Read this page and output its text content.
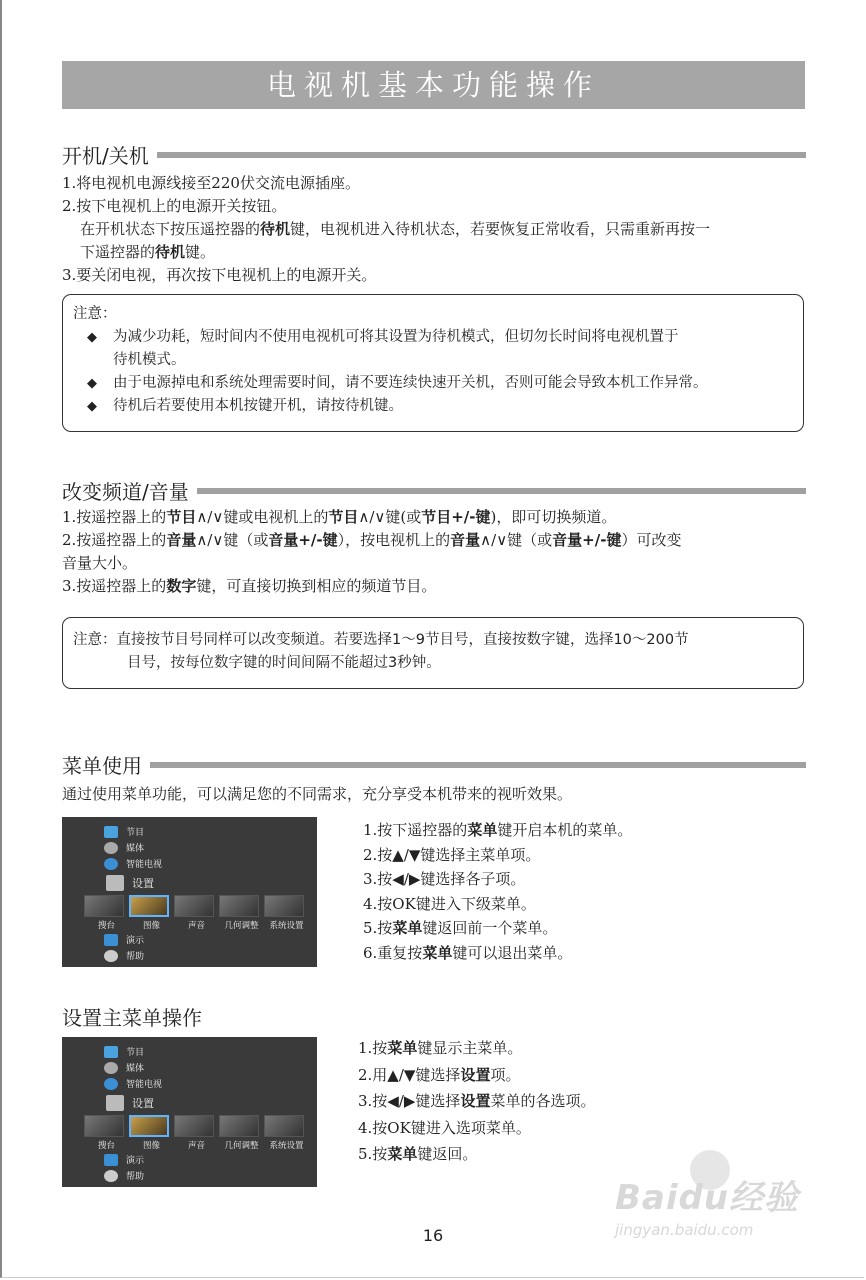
电视机基本功能操作
开机/关机
1.将电视机电源线接至220伏交流电源插座。
2.按下电视机上的电源开关按钮。
在开机状态下按压遥控器的待机键，电视机进入待机状态，若要恢复正常收看，只需重新再按一
下遥控器的待机键。
3.要关闭电视，再次按下电视机上的电源开关。
注意：
◆	为减少功耗，短时间内不使用电视机可将其设置为待机模式，但切勿长时间将电视机置于
待机模式。
◆	由于电源掉电和系统处理需要时间，请不要连续快速开关机，否则可能会导致本机工作异常。
◆	待机后若要使用本机按键开机，请按待机键。
改变频道/音量
1.按遥控器上的节目∧/∨键或电视机上的节目∧/∨键(或节目+/-键)，即可切换频道。
2.按遥控器上的音量∧/∨键（或音量+/-键），按电视机上的音量∧/∨键（或音量+/-键）可改变
音量大小。
3.按遥控器上的数字键，可直接切换到相应的频道节目。
注意：直接按节目号同样可以改变频道。若要选择1～9节目号，直接按数字键，选择10～200节
目号，按每位数字键的时间间隔不能超过3秒钟。
菜单使用
通过使用菜单功能，可以满足您的不同需求，充分享受本机带来的视听效果。
节目
媒体
智能电视
设置
搜台	图像	声音	几何调整	系统设置
演示
帮助
1.按下遥控器的菜单键开启本机的菜单。
2.按▲/▼键选择主菜单项。
3.按◀/▶键选择各子项。
4.按OK键进入下级菜单。
5.按菜单键返回前一个菜单。
6.重复按菜单键可以退出菜单。
设置主菜单操作
节目
媒体
智能电视
设置
搜台	图像	声音	几何调整	系统设置
演示
帮助
1.按菜单键显示主菜单。
2.用▲/▼键选择设置项。
3.按◀/▶键选择设置菜单的各选项。
4.按OK键进入选项菜单。
5.按菜单键返回。
Baidu经验
jingyan.baidu.com
16
